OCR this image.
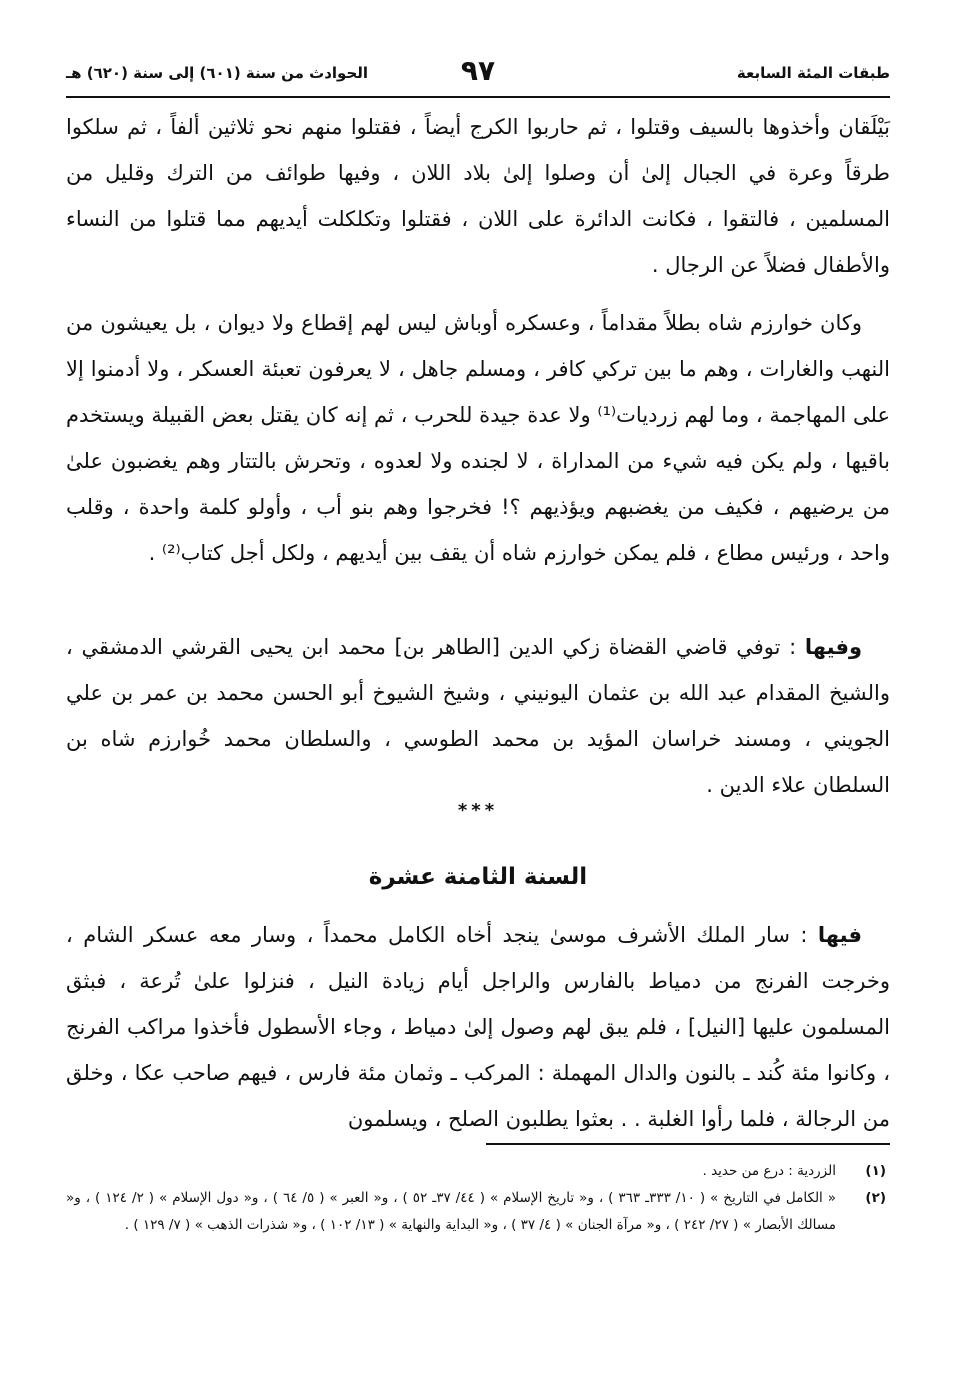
طبقات المئة السابعة
٩٧
الحوادث من سنة (٦٠١) إلى سنة (٦٢٠) هـ

بَيْلَقان وأخذوها بالسيف وقتلوا ، ثم حاربوا الكرج أيضاً ، فقتلوا منهم نحو ثلاثين ألفاً ، ثم سلكوا طرقاً وعرة في الجبال إلىٰ أن وصلوا إلىٰ بلاد اللان ، وفيها طوائف من الترك وقليل من المسلمين ، فالتقوا ، فكانت الدائرة على اللان ، فقتلوا وتكلكلت أيديهم مما قتلوا من النساء والأطفال فضلاً عن الرجال .

وكان خوارزم شاه بطلاً مقداماً ، وعسكره أوباش ليس لهم إقطاع ولا ديوان ، بل يعيشون من النهب والغارات ، وهم ما بين تركي كافر ، ومسلم جاهل ، لا يعرفون تعبئة العسكر ، ولا أدمنوا إلا على المهاجمة ، وما لهم زرديات⁽¹⁾ ولا عدة جيدة للحرب ، ثم إنه كان يقتل بعض القبيلة ويستخدم باقيها ، ولم يكن فيه شيء من المداراة ، لا لجنده ولا لعدوه ، وتحرش بالتتار وهم يغضبون علىٰ من يرضيهم ، فكيف من يغضبهم ويؤذيهم ؟! فخرجوا وهم بنو أب ، وأولو كلمة واحدة ، وقلب واحد ، ورئيس مطاع ، فلم يمكن خوارزم شاه أن يقف بين أيديهم ، ولكل أجل كتاب⁽²⁾ .

وفيها : توفي قاضي القضاة زكي الدين [الطاهر بن] محمد ابن يحيى القرشي الدمشقي ، والشيخ المقدام عبد الله بن عثمان اليونيني ، وشيخ الشيوخ أبو الحسن محمد بن عمر بن علي الجويني ، ومسند خراسان المؤيد بن محمد الطوسي ، والسلطان محمد خُوارزم شاه بن السلطان علاء الدين .

***
السنة الثامنة عشرة

فيها : سار الملك الأشرف موسىٰ ينجد أخاه الكامل محمداً ، وسار معه عسكر الشام ، وخرجت الفرنج من دمياط بالفارس والراجل أيام زيادة النيل ، فنزلوا علىٰ تُرعة ، فبثق المسلمون عليها [النيل] ، فلم يبق لهم وصول إلىٰ دمياط ، وجاء الأسطول فأخذوا مراكب الفرنج ، وكانوا مئة كُند ـ بالنون والدال المهملة : المركب ـ وثمان مئة فارس ، فيهم صاحب عكا ، وخلق من الرجالة ، فلما رأوا الغلبة . . بعثوا يطلبون الصلح ، ويسلمون

(١)
الزردية : درع من حديد .
(٢)
« الكامل في التاريخ » ( ١٠/ ٣٣٣ـ ٣٦٣ ) ، و« تاريخ الإسلام » ( ٤٤/ ٣٧ـ ٥٢ ) ، و« العبر » ( ٥/ ٦٤ ) ، و« دول الإسلام » ( ٢/ ١٢٤ ) ، و« مسالك الأبصار » ( ٢٧/ ٢٤٢ ) ، و« مرآة الجنان » ( ٤/ ٣٧ ) ، و« البداية والنهاية » ( ١٣/ ١٠٢ ) ، و« شذرات الذهب » ( ٧/ ١٢٩ ) .
